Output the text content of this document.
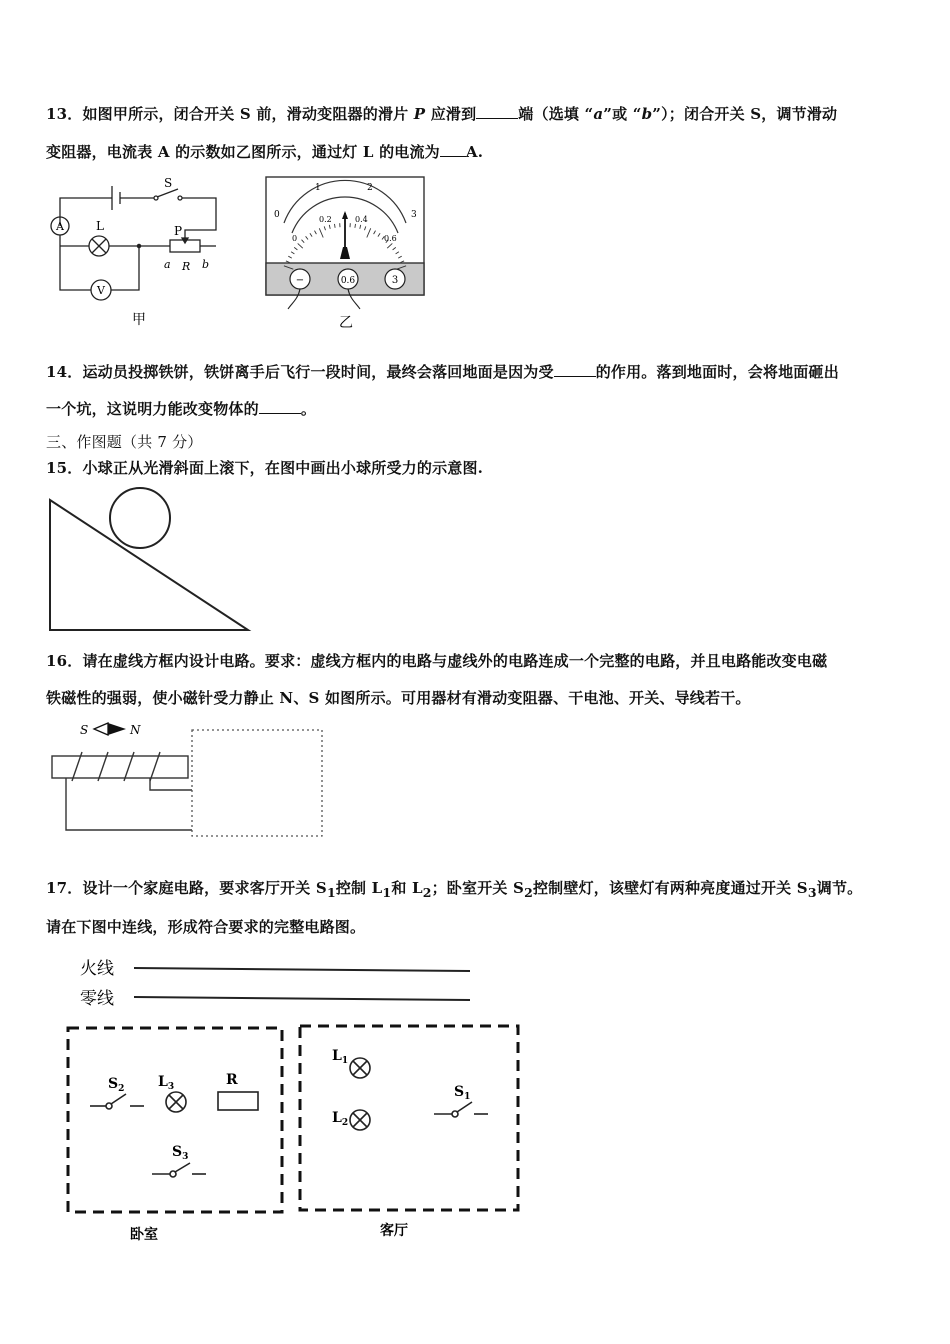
13．如图甲所示，闭合开关 S 前，滑动变阻器的滑片 P 应滑到	端（选填 “a”或 “b”）；闭合开关 S，调节滑动
变阻器，电流表 A 的示数如乙图所示，通过灯 L 的电流为 A.
A
V
L
S
P
a R b
甲
0
1	2
3
0
0.2	0.4
0.6
−	0.6	3
乙
14．运动员投掷铁饼，铁饼离手后飞行一段时间，最终会落回地面是因为受	的作用。落到地面时，会将地面砸出
一个坑，这说明力能改变物体的	。
三、作图题（共 7 分）
15．小球正从光滑斜面上滚下，在图中画出小球所受力的示意图.
16．请在虚线方框内设计电路。要求：虚线方框内的电路与虚线外的电路连成一个完整的电路，并且电路能改变电磁
铁磁性的强弱，使小磁针受力静止 N、S 如图所示。可用器材有滑动变阻器、干电池、开关、导线若干。
S	N
17．设计一个家庭电路，要求客厅开关 $S_1$控制 $L_1$和 $L_2$；卧室开关 $S_2$控制壁灯，该壁灯有两种亮度通过开关 $S_3$调节。
请在下图中连线，形成符合要求的完整电路图。
火线
零线
$S_2$ $L_3$	R
$S_3$
$L_1$
$L_2$
$S_1$
卧室	客厅
